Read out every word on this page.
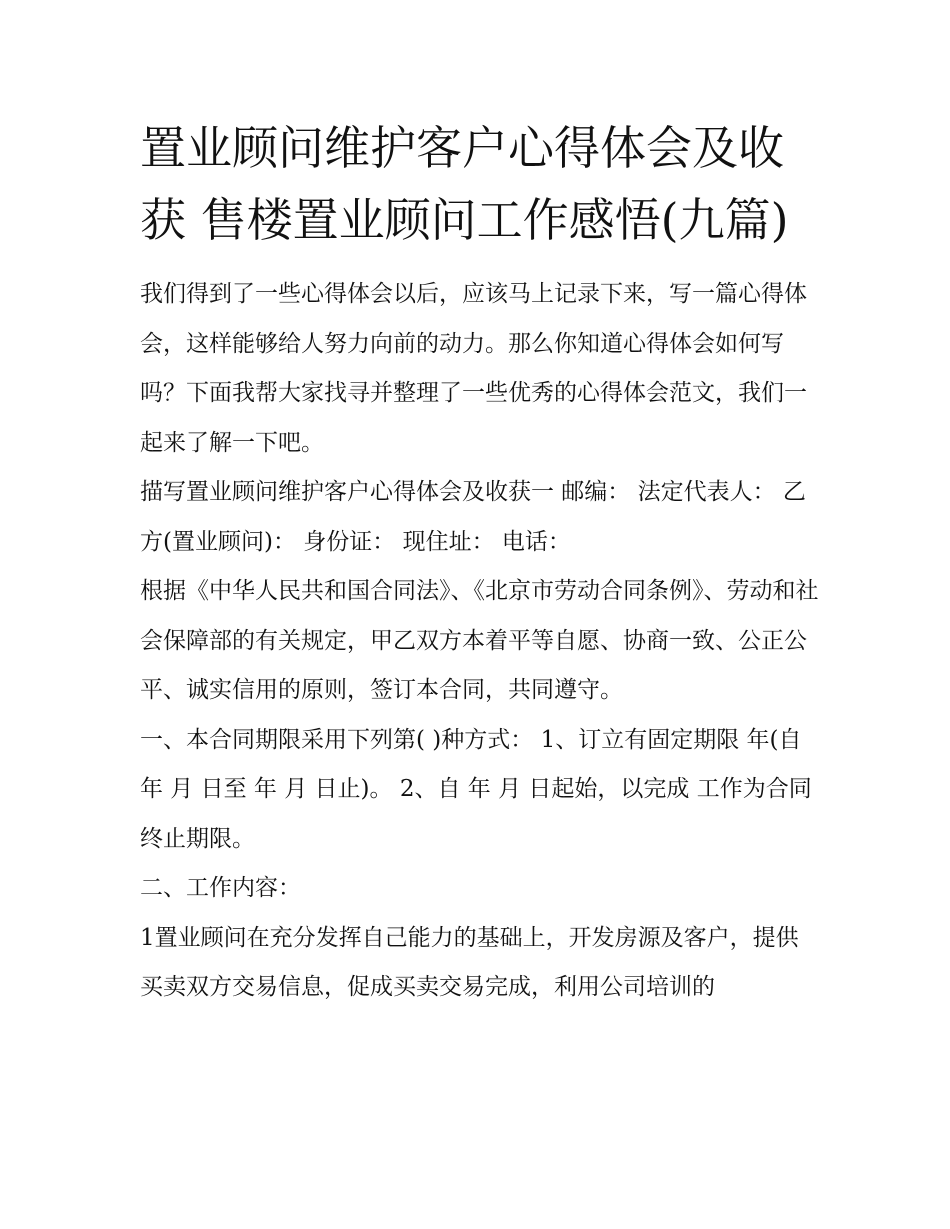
置业顾问维护客户心得体会及收获 售楼置业顾问工作感悟(九篇)

我们得到了一些心得体会以后，应该马上记录下来，写一篇心得体会，这样能够给人努力向前的动力。那么你知道心得体会如何写吗？下面我帮大家找寻并整理了一些优秀的心得体会范文，我们一起来了解一下吧。

描写置业顾问维护客户心得体会及收获一 邮编： 法定代表人： 乙方(置业顾问)： 身份证： 现住址： 电话：

根据《中华人民共和国合同法》、《北京市劳动合同条例》、劳动和社会保障部的有关规定，甲乙双方本着平等自愿、协商一致、公正公平、诚实信用的原则，签订本合同，共同遵守。

一、本合同期限采用下列第( )种方式： 1、订立有固定期限 年(自 年 月 日至 年 月 日止)。 2、自 年 月 日起始，以完成 工作为合同终止期限。

二、工作内容：

1置业顾问在充分发挥自己能力的基础上，开发房源及客户，提供买卖双方交易信息，促成买卖交易完成，利用公司培训的
